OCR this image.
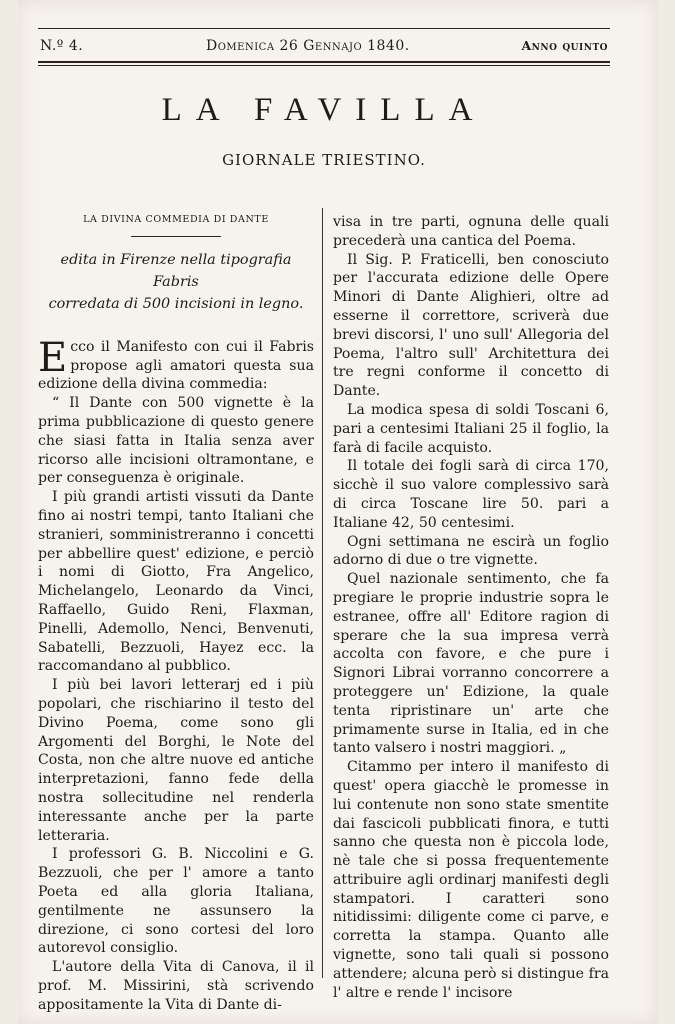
N.º 4.	Domenica 26 Gennajo 1840.	Anno quinto
LA FAVILLA
GIORNALE TRIESTINO.
LA DIVINA COMMEDIA DI DANTE
edita in Firenze nella tipografia Fabris
corredata di 500 incisioni in legno.

Ecco il Manifesto con cui il Fabris propose agli amatori questa sua edizione della divina commedia:

“ Il Dante con 500 vignette è la prima pubblicazione di questo genere che siasi fatta in Italia senza aver ricorso alle incisioni oltramontane, e per conseguenza è originale.

I più grandi artisti vissuti da Dante fino ai nostri tempi, tanto Italiani che stranieri, somministreranno i concetti per abbellire quest' edizione, e perciò i nomi di Giotto, Fra Angelico, Michelangelo, Leonardo da Vinci, Raffaello, Guido Reni, Flaxman, Pinelli, Ademollo, Nenci, Benvenuti, Sabatelli, Bezzuoli, Hayez ecc. la raccomandano al pubblico.

I più bei lavori letterarj ed i più popolari, che rischiarino il testo del Divino Poema, come sono gli Argomenti del Borghi, le Note del Costa, non che altre nuove ed antiche interpretazioni, fanno fede della nostra sollecitudine nel renderla interessante anche per la parte letteraria.

I professori G. B. Niccolini e G. Bezzuoli, che per l' amore a tanto Poeta ed alla gloria Italiana, gentilmente ne assunsero la direzione, ci sono cortesi del loro autorevol consiglio.

L'autore della Vita di Canova, il il prof. M. Missirini, stà scrivendo appositamente la Vita di Dante di-

visa in tre parti, ognuna delle quali precederà una cantica del Poema.

Il Sig. P. Fraticelli, ben conosciuto per l'accurata edizione delle Opere Minori di Dante Alighieri, oltre ad esserne il correttore, scriverà due brevi discorsi, l' uno sull' Allegoria del Poema, l'altro sull' Architettura dei tre regni conforme il concetto di Dante.

La modica spesa di soldi Toscani 6, pari a centesimi Italiani 25 il foglio, la farà di facile acquisto.

Il totale dei fogli sarà di circa 170, sicchè il suo valore complessivo sarà di circa Toscane lire 50. pari a Italiane 42, 50 centesimi.

Ogni settimana ne escirà un foglio adorno di due o tre vignette.

Quel nazionale sentimento, che fa pregiare le proprie industrie sopra le estranee, offre all' Editore ragion di sperare che la sua impresa verrà accolta con favore, e che pure i Signori Librai vorranno concorrere a proteggere un' Edizione, la quale tenta ripristinare un' arte che primamente surse in Italia, ed in che tanto valsero i nostri maggiori. „

Citammo per intero il manifesto di quest' opera giacchè le promesse in lui contenute non sono state smentite dai fascicoli pubblicati finora, e tutti sanno che questa non è piccola lode, nè tale che si possa frequentemente attribuire agli ordinarj manifesti degli stampatori. I caratteri sono nitidissimi: diligente come ci parve, e corretta la stampa. Quanto alle vignette, sono tali quali si possono attendere; alcuna però si distingue fra l' altre e rende l' incisore
